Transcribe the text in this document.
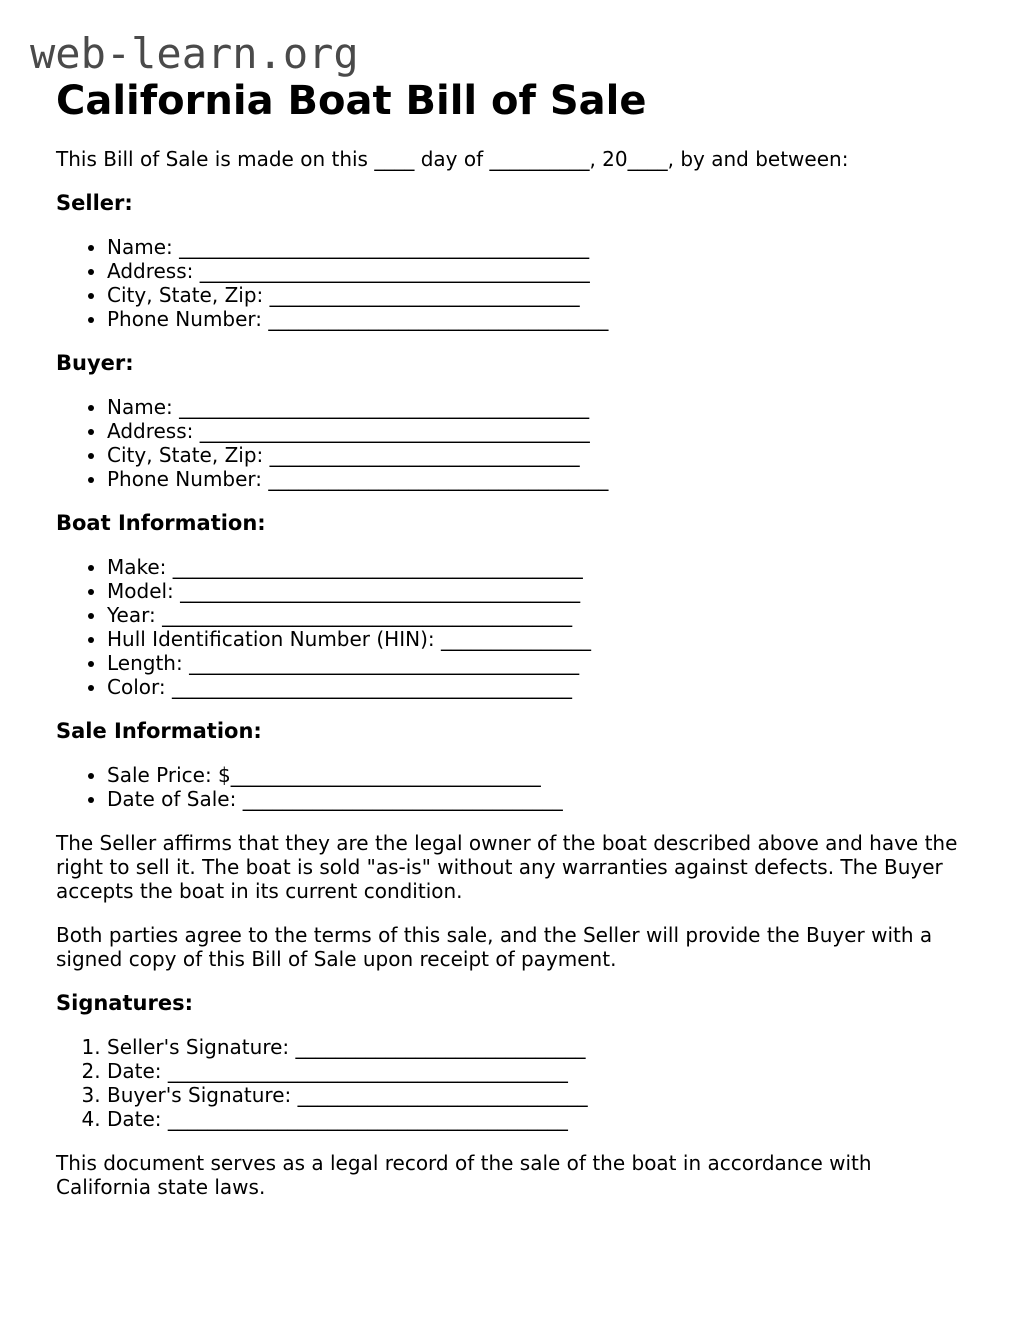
web-learn.org
California Boat Bill of Sale

This Bill of Sale is made on this ____ day of __________, 20____, by and between:

Seller:
• Name: _________________________________________
• Address: _______________________________________
• City, State, Zip: _______________________________
• Phone Number: __________________________________
Buyer:
• Name: _________________________________________
• Address: _______________________________________
• City, State, Zip: _______________________________
• Phone Number: __________________________________
Boat Information:
• Make: _________________________________________
• Model: ________________________________________
• Year: _________________________________________
• Hull Identification Number (HIN): _______________
• Length: _______________________________________
• Color: ________________________________________
Sale Information:
• Sale Price: $_______________________________
• Date of Sale: ________________________________

The Seller affirms that they are the legal owner of the boat described above and have the right to sell it. The boat is sold "as-is" without any warranties against defects. The Buyer accepts the boat in its current condition.

Both parties agree to the terms of this sale, and the Seller will provide the Buyer with a signed copy of this Bill of Sale upon receipt of payment.

Signatures:
1. Seller's Signature: _____________________________
2. Date: ________________________________________
3. Buyer's Signature: _____________________________
4. Date: ________________________________________

This document serves as a legal record of the sale of the boat in accordance with California state laws.
